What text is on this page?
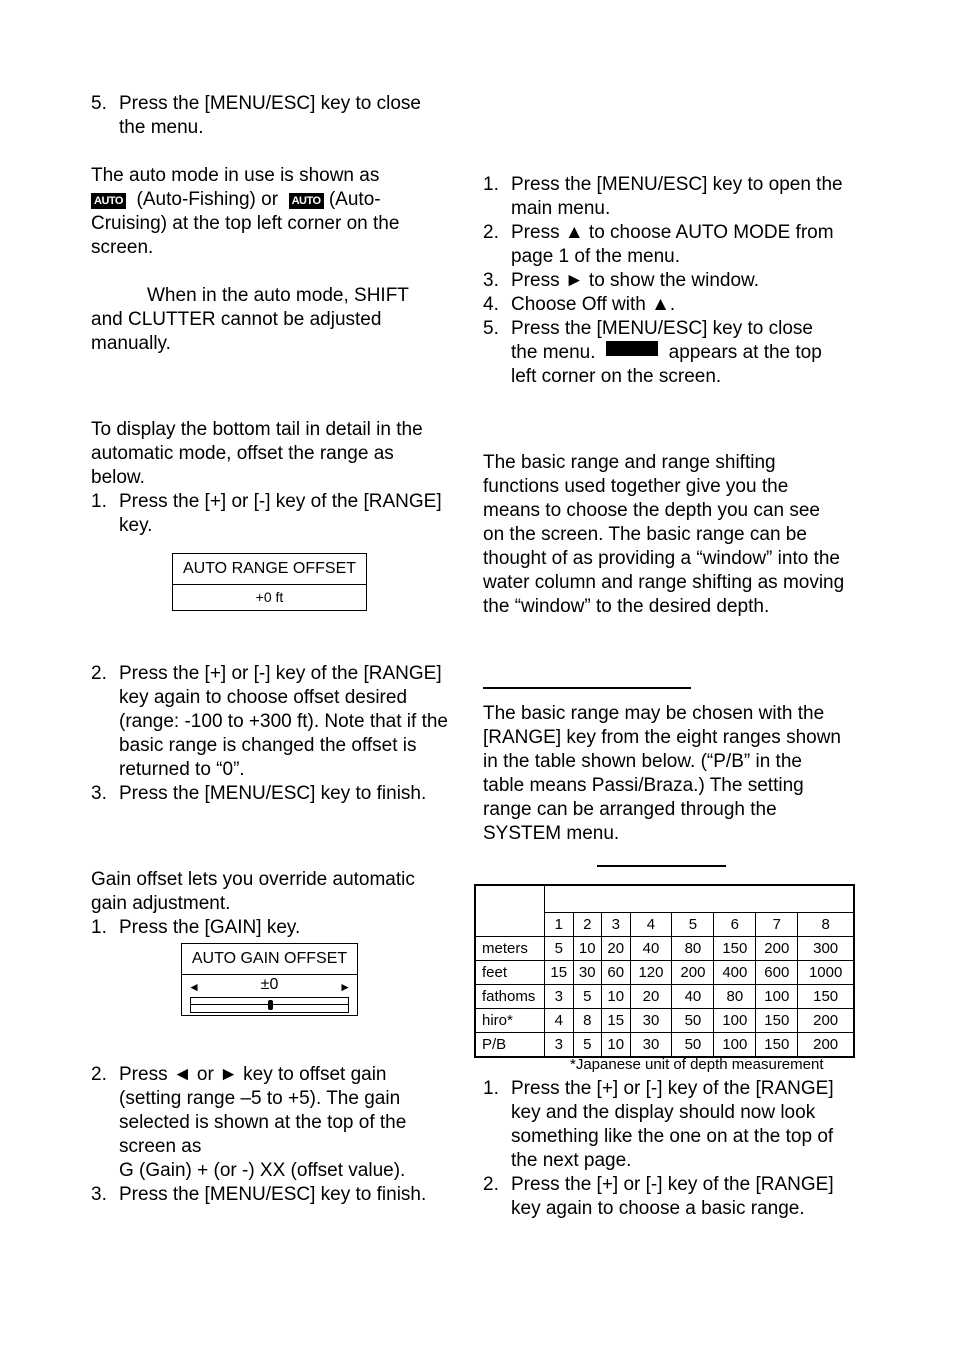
5. Press the [MENU/ESC] key to close the menu.

The auto mode in use is shown as
AUTO (Auto-Fishing) or AUTO (Auto-Cruising) at the top left corner on the screen.

When in the auto mode, SHIFT and CLUTTER cannot be adjusted manually.

To display the bottom tail in detail in the automatic mode, offset the range as below.

1. Press the [+] or [-] key of the [RANGE] key.
AUTO RANGE OFFSET
+0 ft
2. Press the [+] or [-] key of the [RANGE] key again to choose offset desired (range: -100 to +300 ft). Note that if the basic range is changed the offset is returned to “0”.
3. Press the [MENU/ESC] key to finish.

Gain offset lets you override automatic gain adjustment.

1. Press the [GAIN] key.
AUTO GAIN OFFSET
◄	±0	►
2. Press ◄ or ► key to offset gain (setting range –5 to +5). The gain selected is shown at the top of the screen as
G (Gain) + (or -) XX (offset value).
3. Press the [MENU/ESC] key to finish.
1. Press the [MENU/ESC] key to open the main menu.
2. Press ▲ to choose AUTO MODE from page 1 of the menu.
3. Press ► to show the window.
4. Choose Off with ▲.
5. Press the [MENU/ESC] key to close the menu.	appears at the top left corner on the screen.

The basic range and range shifting functions used together give you the means to choose the depth you can see on the screen. The basic range can be thought of as providing a “window” into the water column and range shifting as moving the “window” to the desired depth.

The basic range may be chosen with the [RANGE] key from the eight ranges shown in the table shown below. (“P/B” in the table means Passi/Braza.) The setting range can be arranged through the SYSTEM menu.

	1	2	3	4	5	6	7	8
meters	5	10	20	40	80	150	200	300
feet	15	30	60	120	200	400	600	1000
fathoms	3	5	10	20	40	80	100	150
hiro*	4	8	15	30	50	100	150	200
P/B	3	5	10	30	50	100	150	200
*Japanese unit of depth measurement
1. Press the [+] or [-] key of the [RANGE] key and the display should now look something like the one on at the top of the next page.
2. Press the [+] or [-] key of the [RANGE] key again to choose a basic range.
